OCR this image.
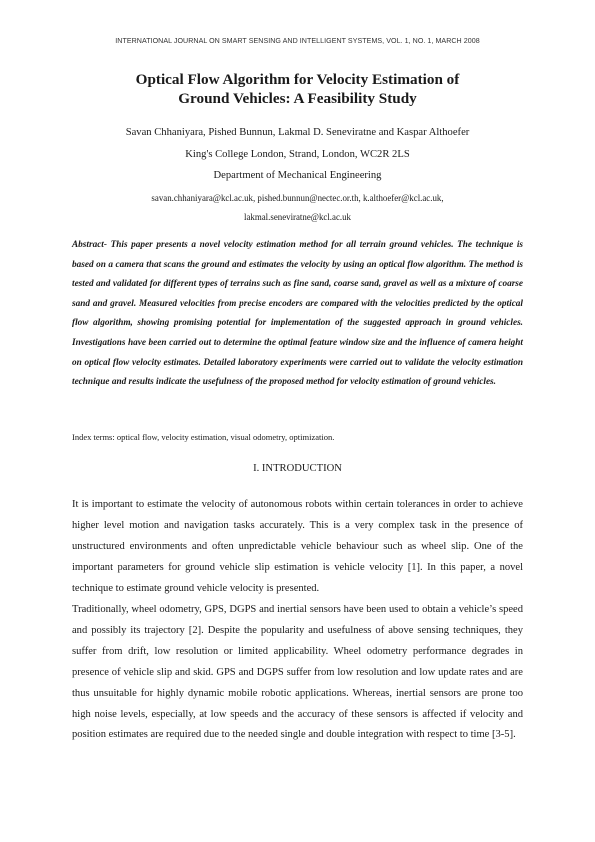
INTERNATIONAL JOURNAL ON SMART SENSING AND INTELLIGENT SYSTEMS, VOL. 1, NO. 1, MARCH 2008
Optical Flow Algorithm for Velocity Estimation of
Ground Vehicles: A Feasibility Study
Savan Chhaniyara, Pished Bunnun, Lakmal D. Seneviratne and Kaspar Althoefer
King's College London, Strand, London, WC2R 2LS
Department of Mechanical Engineering
savan.chhaniyara@kcl.ac.uk, pished.bunnun@nectec.or.th, k.althoefer@kcl.ac.uk,
lakmal.seneviratne@kcl.ac.uk
Abstract- This paper presents a novel velocity estimation method for all terrain ground vehicles. The technique is based on a camera that scans the ground and estimates the velocity by using an optical flow algorithm. The method is tested and validated for different types of terrains such as fine sand, coarse sand, gravel as well as a mixture of coarse sand and gravel. Measured velocities from precise encoders are compared with the velocities predicted by the optical flow algorithm, showing promising potential for implementation of the suggested approach in ground vehicles. Investigations have been carried out to determine the optimal feature window size and the influence of camera height on optical flow velocity estimates. Detailed laboratory experiments were carried out to validate the velocity estimation technique and results indicate the usefulness of the proposed method for velocity estimation of ground vehicles.
Index terms: optical flow, velocity estimation, visual odometry, optimization.
I. INTRODUCTION
It is important to estimate the velocity of autonomous robots within certain tolerances in order to achieve higher level motion and navigation tasks accurately. This is a very complex task in the presence of unstructured environments and often unpredictable vehicle behaviour such as wheel slip. One of the important parameters for ground vehicle slip estimation is vehicle velocity [1]. In this paper, a novel technique to estimate ground vehicle velocity is presented.
Traditionally, wheel odometry, GPS, DGPS and inertial sensors have been used to obtain a vehicle’s speed and possibly its trajectory [2]. Despite the popularity and usefulness of above sensing techniques, they suffer from drift, low resolution or limited applicability. Wheel odometry performance degrades in presence of vehicle slip and skid. GPS and DGPS suffer from low resolution and low update rates and are thus unsuitable for highly dynamic mobile robotic applications. Whereas, inertial sensors are prone too high noise levels, especially, at low speeds and the accuracy of these sensors is affected if velocity and position estimates are required due to the needed single and double integration with respect to time [3-5].
